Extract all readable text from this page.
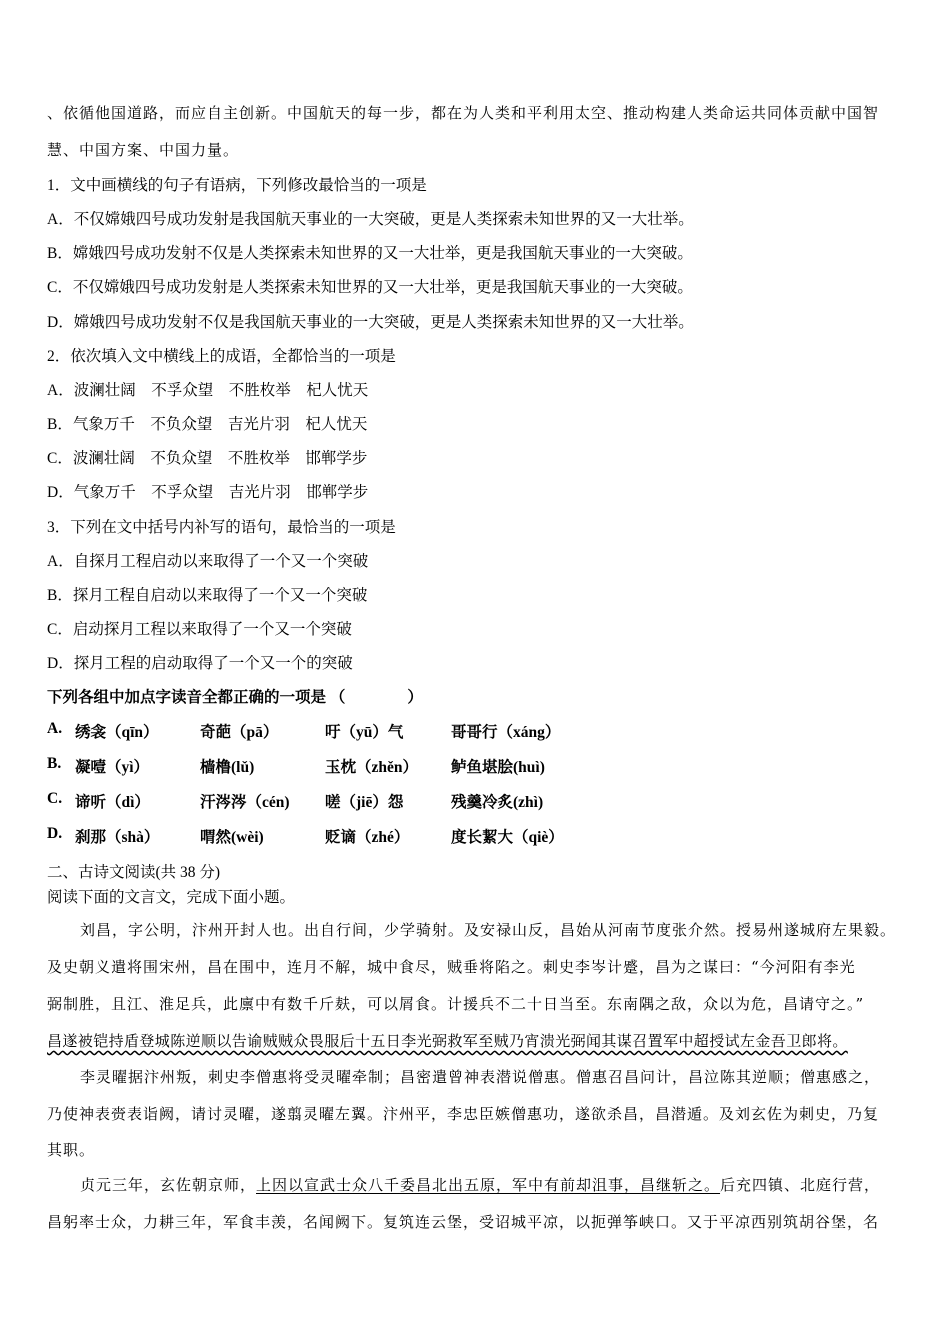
、依循他国道路，而应自主创新。中国航天的每一步，都在为人类和平利用太空、推动构建人类命运共同体贡献中国智
慧、中国方案、中国力量。
1．文中画横线的句子有语病，下列修改最恰当的一项是
A．不仅嫦娥四号成功发射是我国航天事业的一大突破，更是人类探索未知世界的又一大壮举。
B．嫦娥四号成功发射不仅是人类探索未知世界的又一大壮举，更是我国航天事业的一大突破。
C．不仅嫦娥四号成功发射是人类探索未知世界的又一大壮举，更是我国航天事业的一大突破。
D．嫦娥四号成功发射不仅是我国航天事业的一大突破，更是人类探索未知世界的又一大壮举。
2．依次填入文中横线上的成语，全都恰当的一项是
A．波澜壮阔　不孚众望　不胜枚举　杞人忧天
B．气象万千　不负众望　吉光片羽　杞人忧天
C．波澜壮阔　不负众望　不胜枚举　邯郸学步
D．气象万千　不孚众望　吉光片羽　邯郸学步
3．下列在文中括号内补写的语句，最恰当的一项是
A．自探月工程启动以来取得了一个又一个突破
B．探月工程自启动以来取得了一个又一个突破
C．启动探月工程以来取得了一个又一个突破
D．探月工程的启动取得了一个又一个的突破
下列各组中加点字读音全都正确的一项是 （　　　　）
A. 绣衾（qīn）	奇葩（pā）	吁（yū）气	哥哥行（xáng）
B. 凝噎（yì）	樯橹(lǔ)	玉枕（zhěn） 鲈鱼堪脍(huì)
C. 谛听（dì）	汗涔涔（cén) 嗟（jiē）怨	残羹冷炙(zhì)
D. 刹那（shà）	喟然(wèi)	贬谪（zhé）	度长絜大（qiè）
二、古诗文阅读(共 38 分)
阅读下面的文言文，完成下面小题。
刘昌，字公明，汴州开封人也。出自行间，少学骑射。及安禄山反，昌始从河南节度张介然。授易州遂城府左果毅。
及史朝义遣将围宋州，昌在围中，连月不解，城中食尽，贼垂将陷之。刺史李岑计蹙，昌为之谋曰：“今河阳有李光
弼制胜，且江、淮足兵，此廪中有数千斤麸，可以屑食。计援兵不二十日当至。东南隅之敌，众以为危，昌请守之。”
昌遂被铠持盾登城陈逆顺以告谕贼贼众畏服后十五日李光弼救军至贼乃宵溃光弼闻其谋召置军中超授试左金吾卫郎将。
李灵曜据汴州叛，刺史李僧惠将受灵曜牵制；昌密遣曾神表潜说僧惠。僧惠召昌问计，昌泣陈其逆顺；僧惠感之，
乃使神表赍表诣阙，请讨灵曜，遂翦灵曜左翼。汴州平，李忠臣嫉僧惠功，遂欲杀昌，昌潜遁。及刘玄佐为刺史，乃复
其职。
贞元三年，玄佐朝京师，上因以宣武士众八千委昌北出五原，军中有前却沮事，昌继斩之。后充四镇、北庭行营，
昌躬率士众，力耕三年，军食丰羡，名闻阙下。复筑连云堡，受诏城平凉，以扼弹筝峡口。又于平凉西别筑胡谷堡，名
